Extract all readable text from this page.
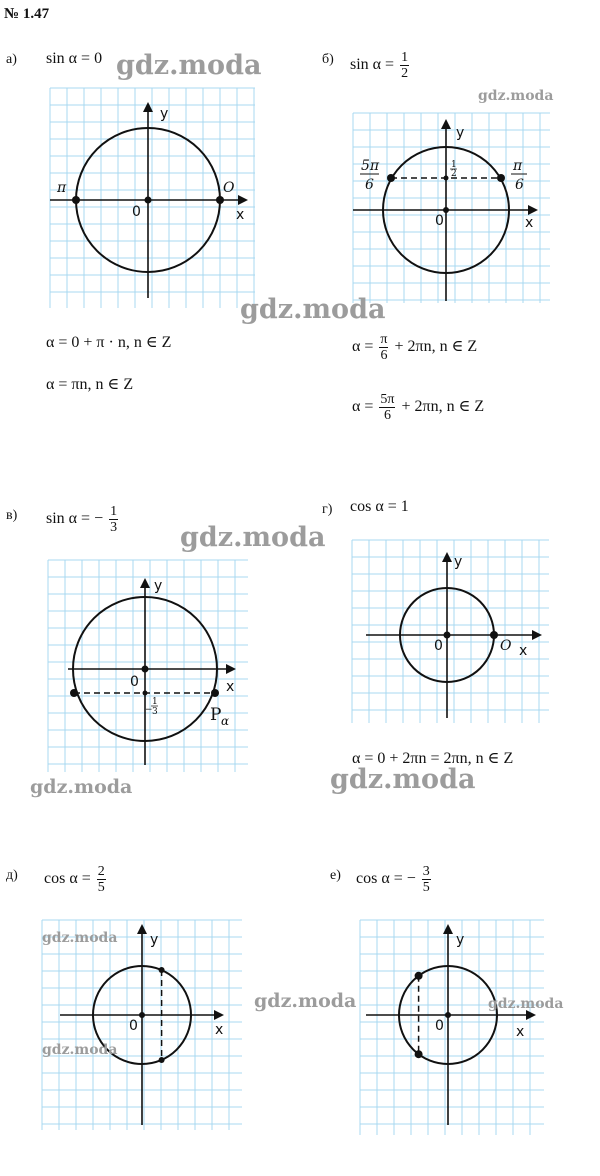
№ 1.47
а) sin α = 0
π	O
0	x
y
α = 0 + π · n, n ∈ Z
α = πn, n ∈ Z
б) $\sin \alpha = \frac{1}{2}$
1
2
5π
6
π
6
0	x
y
$\alpha = \frac{\pi}{6} + 2\pi n$, n ∈ Z
$\alpha = \frac{5\pi}{6} + 2\pi n$, n ∈ Z
в) sin α = − $\frac{1}{3}$
−
1
3	P α
0	x
y
г) cos α = 1
O
0	x
y
α = 0 + 2πn = 2πn, n ∈ Z
д) $\cos \alpha = \frac{2}{5}$
0	x
y
е) cos α = − $\frac{3}{5}$
0	x
y
gdz.moda
gdz.moda
gdz.moda
gdz.moda
gdz.moda	gdz.moda
gdz.moda
gdz.moda	gdz.moda
gdz.moda
